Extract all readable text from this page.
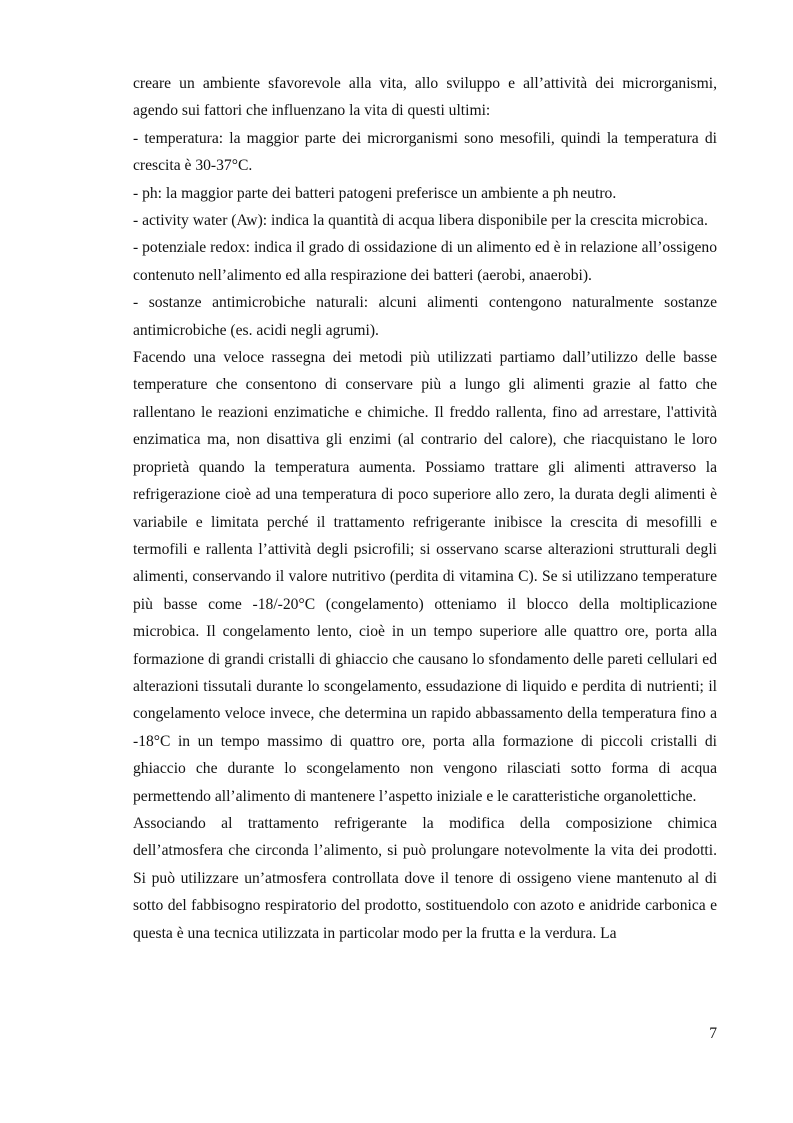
creare un ambiente sfavorevole alla vita, allo sviluppo e all’attività dei microrganismi, agendo sui fattori che influenzano la vita di questi ultimi:

- temperatura: la maggior parte dei microrganismi sono mesofili, quindi la temperatura di crescita è 30-37°C.

- ph: la maggior parte dei batteri patogeni preferisce un ambiente a ph neutro.

- activity water (Aw): indica la quantità di acqua libera disponibile per la crescita microbica.

- potenziale redox: indica il grado di ossidazione di un alimento ed è in relazione all’ossigeno contenuto nell’alimento ed alla respirazione dei batteri (aerobi, anaerobi).

- sostanze antimicrobiche naturali: alcuni alimenti contengono naturalmente sostanze antimicrobiche (es. acidi negli agrumi).

Facendo una veloce rassegna dei metodi più utilizzati partiamo dall’utilizzo delle basse temperature che consentono di conservare più a lungo gli alimenti grazie al fatto che rallentano le reazioni enzimatiche e chimiche. Il freddo rallenta, fino ad arrestare, l'attività enzimatica ma, non disattiva gli enzimi (al contrario del calore), che riacquistano le loro proprietà quando la temperatura aumenta. Possiamo trattare gli alimenti attraverso la refrigerazione cioè ad una temperatura di poco superiore allo zero, la durata degli alimenti è variabile e limitata perché il trattamento refrigerante inibisce la crescita di mesofilli e termofili e rallenta l’attività degli psicrofili; si osservano scarse alterazioni strutturali degli alimenti, conservando il valore nutritivo (perdita di vitamina C). Se si utilizzano temperature più basse come -18/-20°C (congelamento) otteniamo il blocco della moltiplicazione microbica. Il congelamento lento, cioè in un tempo superiore alle quattro ore, porta alla formazione di grandi cristalli di ghiaccio che causano lo sfondamento delle pareti cellulari ed alterazioni tissutali durante lo scongelamento, essudazione di liquido e perdita di nutrienti; il congelamento veloce invece, che determina un rapido abbassamento della temperatura fino a -18°C in un tempo massimo di quattro ore, porta alla formazione di piccoli cristalli di ghiaccio che durante lo scongelamento non vengono rilasciati sotto forma di acqua permettendo all’alimento di mantenere l’aspetto iniziale e le caratteristiche organolettiche.

Associando al trattamento refrigerante la modifica della composizione chimica dell’atmosfera che circonda l’alimento, si può prolungare notevolmente la vita dei prodotti. Si può utilizzare un’atmosfera controllata dove il tenore di ossigeno viene mantenuto al di sotto del fabbisogno respiratorio del prodotto, sostituendolo con azoto e anidride carbonica e questa è una tecnica utilizzata in particolar modo per la frutta e la verdura. La

7
